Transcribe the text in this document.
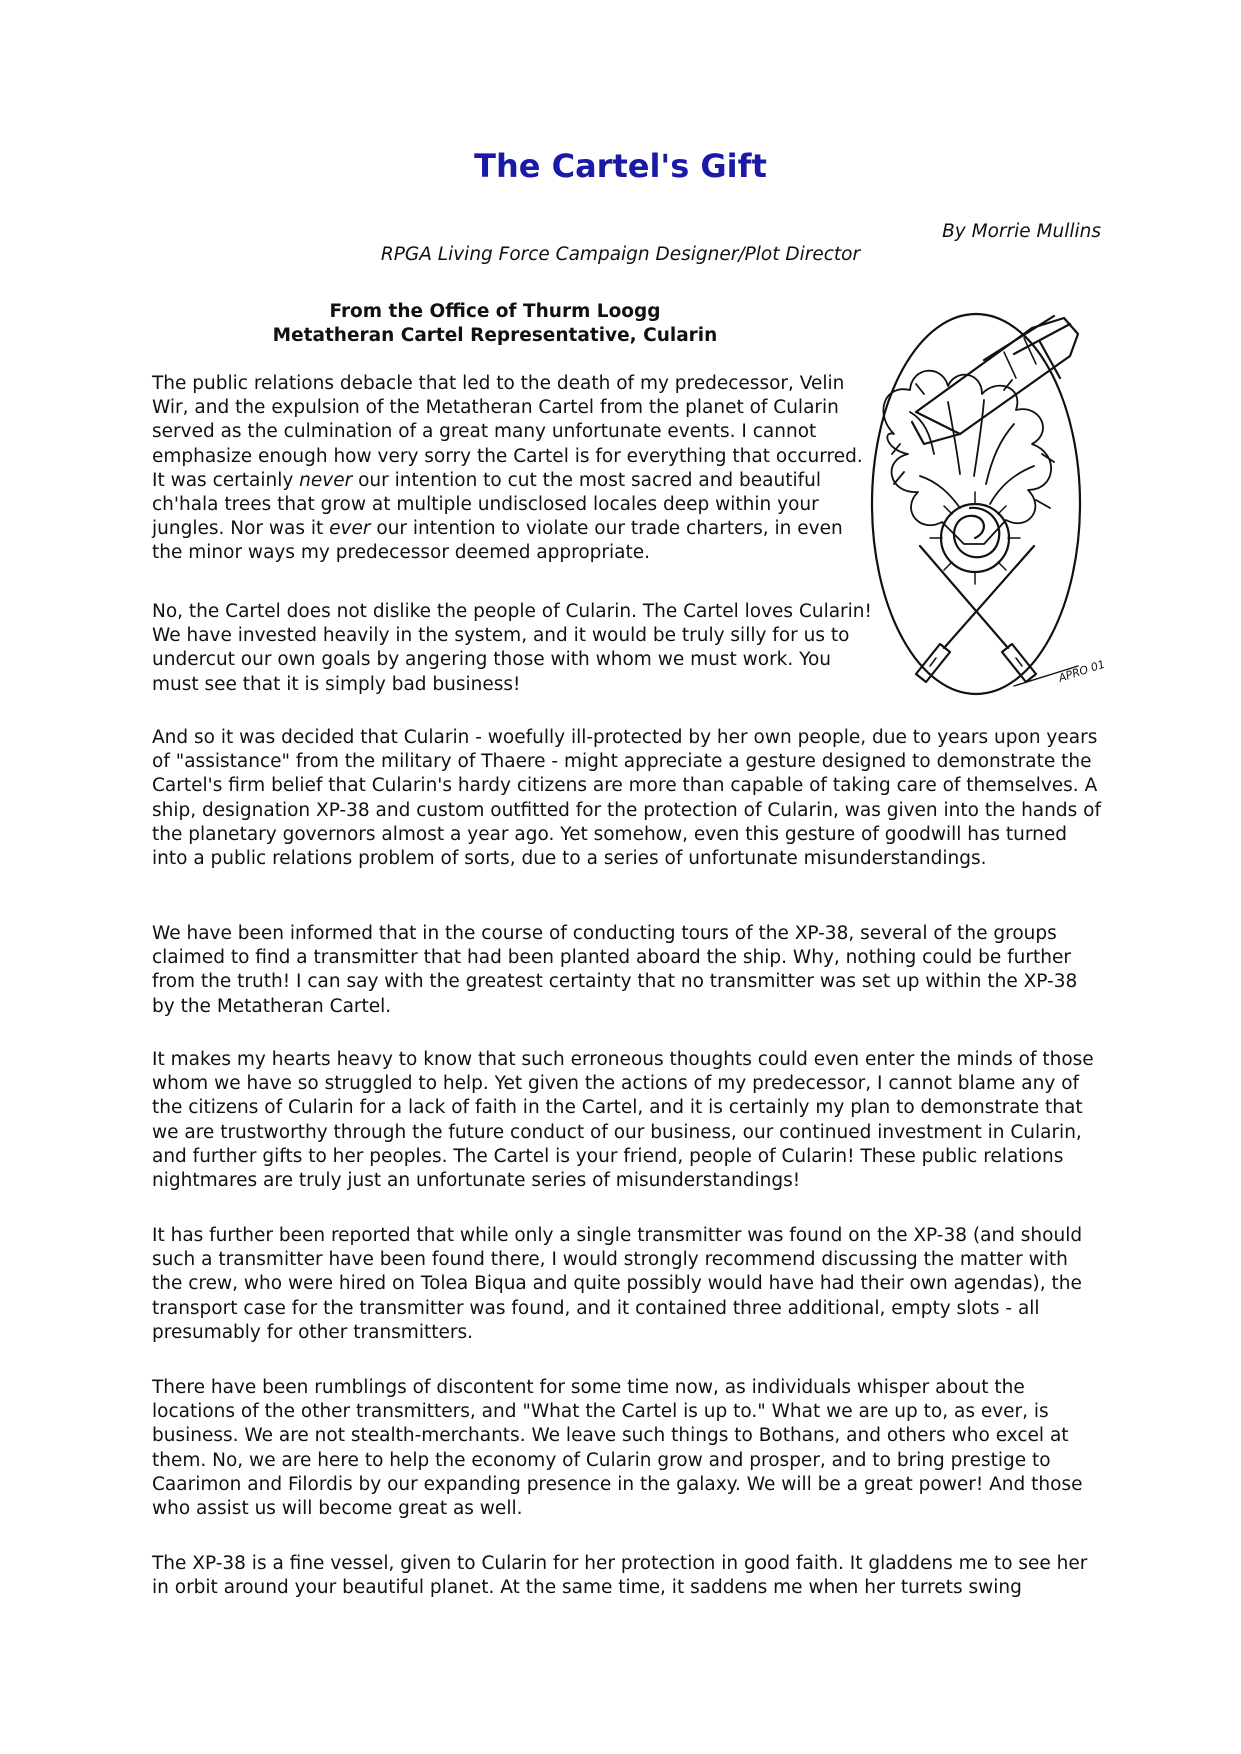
The Cartel's Gift
By Morrie Mullins
RPGA Living Force Campaign Designer/Plot Director
From the Office of Thurm Loogg
Metatheran Cartel Representative, Cularin
APRO 01

The public relations debacle that led to the death of my predecessor, Velin Wir, and the expulsion of the Metatheran Cartel from the planet of Cularin served as the culmination of a great many unfortunate events. I cannot emphasize enough how very sorry the Cartel is for everything that occurred. It was certainly never our intention to cut the most sacred and beautiful ch'hala trees that grow at multiple undisclosed locales deep within your jungles. Nor was it ever our intention to violate our trade charters, in even the minor ways my predecessor deemed appropriate.

No, the Cartel does not dislike the people of Cularin. The Cartel loves Cularin! We have invested heavily in the system, and it would be truly silly for us to undercut our own goals by angering those with whom we must work. You must see that it is simply bad business!

And so it was decided that Cularin - woefully ill-protected by her own people, due to years upon years of "assistance" from the military of Thaere - might appreciate a gesture designed to demonstrate the Cartel's firm belief that Cularin's hardy citizens are more than capable of taking care of themselves. A ship, designation XP-38 and custom outfitted for the protection of Cularin, was given into the hands of the planetary governors almost a year ago. Yet somehow, even this gesture of goodwill has turned into a public relations problem of sorts, due to a series of unfortunate misunderstandings.

We have been informed that in the course of conducting tours of the XP-38, several of the groups claimed to find a transmitter that had been planted aboard the ship. Why, nothing could be further from the truth! I can say with the greatest certainty that no transmitter was set up within the XP-38 by the Metatheran Cartel.

It makes my hearts heavy to know that such erroneous thoughts could even enter the minds of those whom we have so struggled to help. Yet given the actions of my predecessor, I cannot blame any of the citizens of Cularin for a lack of faith in the Cartel, and it is certainly my plan to demonstrate that we are trustworthy through the future conduct of our business, our continued investment in Cularin, and further gifts to her peoples. The Cartel is your friend, people of Cularin! These public relations nightmares are truly just an unfortunate series of misunderstandings!

It has further been reported that while only a single transmitter was found on the XP-38 (and should such a transmitter have been found there, I would strongly recommend discussing the matter with the crew, who were hired on Tolea Biqua and quite possibly would have had their own agendas), the transport case for the transmitter was found, and it contained three additional, empty slots - all presumably for other transmitters.

There have been rumblings of discontent for some time now, as individuals whisper about the locations of the other transmitters, and "What the Cartel is up to." What we are up to, as ever, is business. We are not stealth-merchants. We leave such things to Bothans, and others who excel at them. No, we are here to help the economy of Cularin grow and prosper, and to bring prestige to Caarimon and Filordis by our expanding presence in the galaxy. We will be a great power! And those who assist us will become great as well.

The XP-38 is a fine vessel, given to Cularin for her protection in good faith. It gladdens me to see her in orbit around your beautiful planet. At the same time, it saddens me when her turrets swing
